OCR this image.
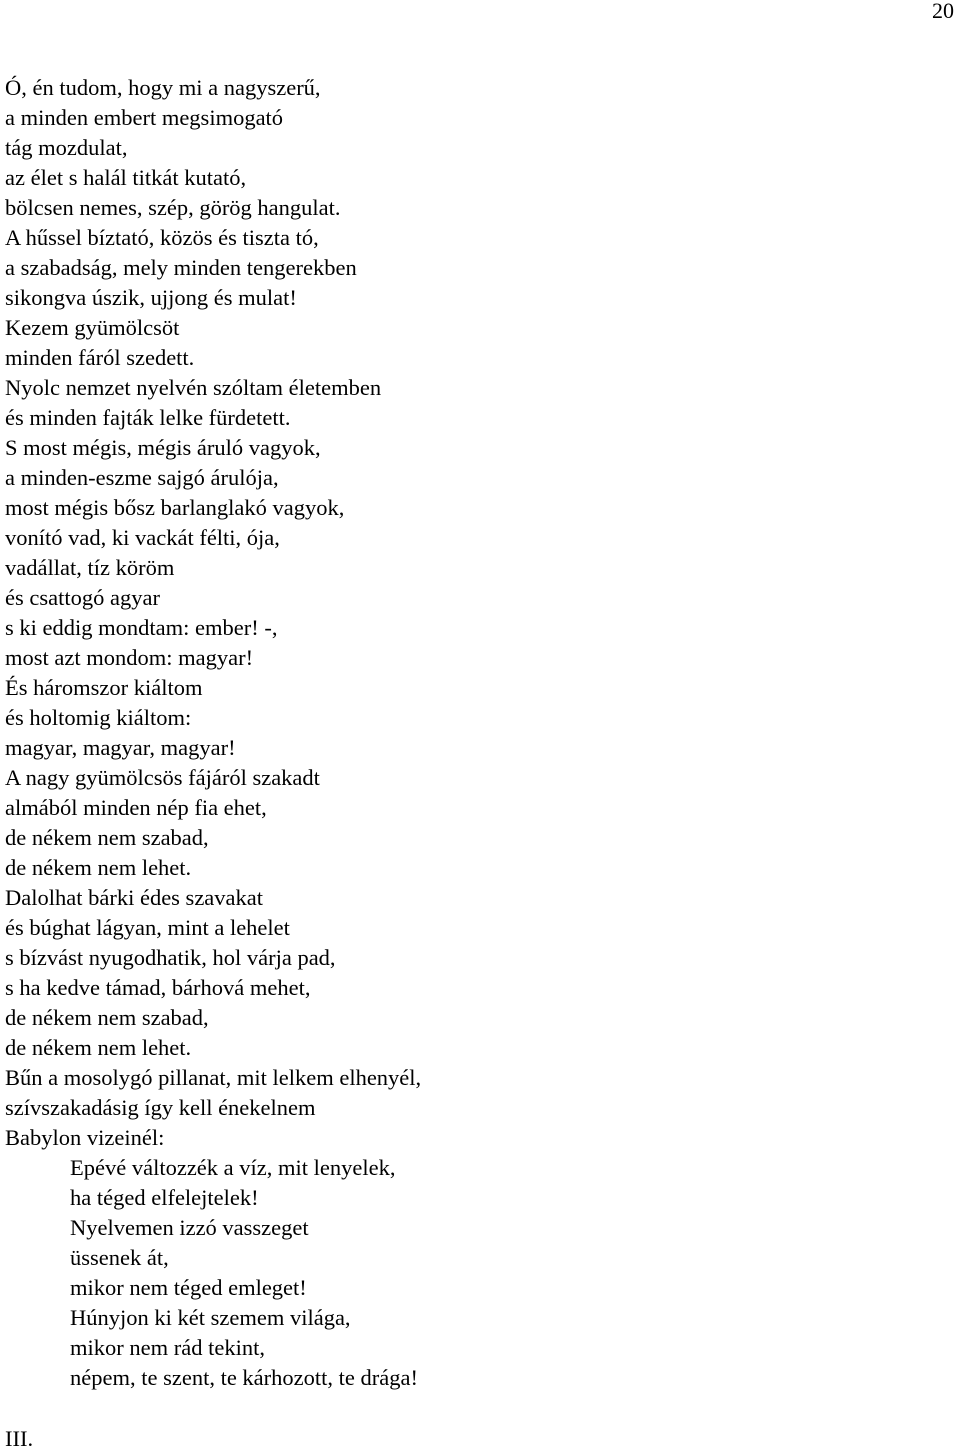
20
Ó, én tudom, hogy mi a nagyszerű,
a minden embert megsimogató
tág mozdulat,
az élet s halál titkát kutató,
bölcsen nemes, szép, görög hangulat.
A hűssel bíztató, közös és tiszta tó,
a szabadság, mely minden tengerekben
sikongva úszik, ujjong és mulat!
Kezem gyümölcsöt
minden fáról szedett.
Nyolc nemzet nyelvén szóltam életemben
és minden fajták lelke fürdetett.
S most mégis, mégis áruló vagyok,
a minden-eszme sajgó árulója,
most mégis bősz barlanglakó vagyok,
vonító vad, ki vackát félti, ója,
vadállat, tíz köröm
és csattogó agyar
s ki eddig mondtam: ember! -,
most azt mondom: magyar!
És háromszor kiáltom
és holtomig kiáltom:
magyar, magyar, magyar!
A nagy gyümölcsös fájáról szakadt
almából minden nép fia ehet,
de nékem nem szabad,
de nékem nem lehet.
Dalolhat bárki édes szavakat
és búghat lágyan, mint a lehelet
s bízvást nyugodhatik, hol várja pad,
s ha kedve támad, bárhová mehet,
de nékem nem szabad,
de nékem nem lehet.
Bűn a mosolygó pillanat, mit lelkem elhenyél,
szívszakadásig így kell énekelnem
Babylon vizeinél:
Epévé változzék a víz, mit lenyelek,
ha téged elfelejtelek!
Nyelvemen izzó vasszeget
üssenek át,
mikor nem téged emleget!
Húnyjon ki két szemem világa,
mikor nem rád tekint,
népem, te szent, te kárhozott, te drága!
III.
